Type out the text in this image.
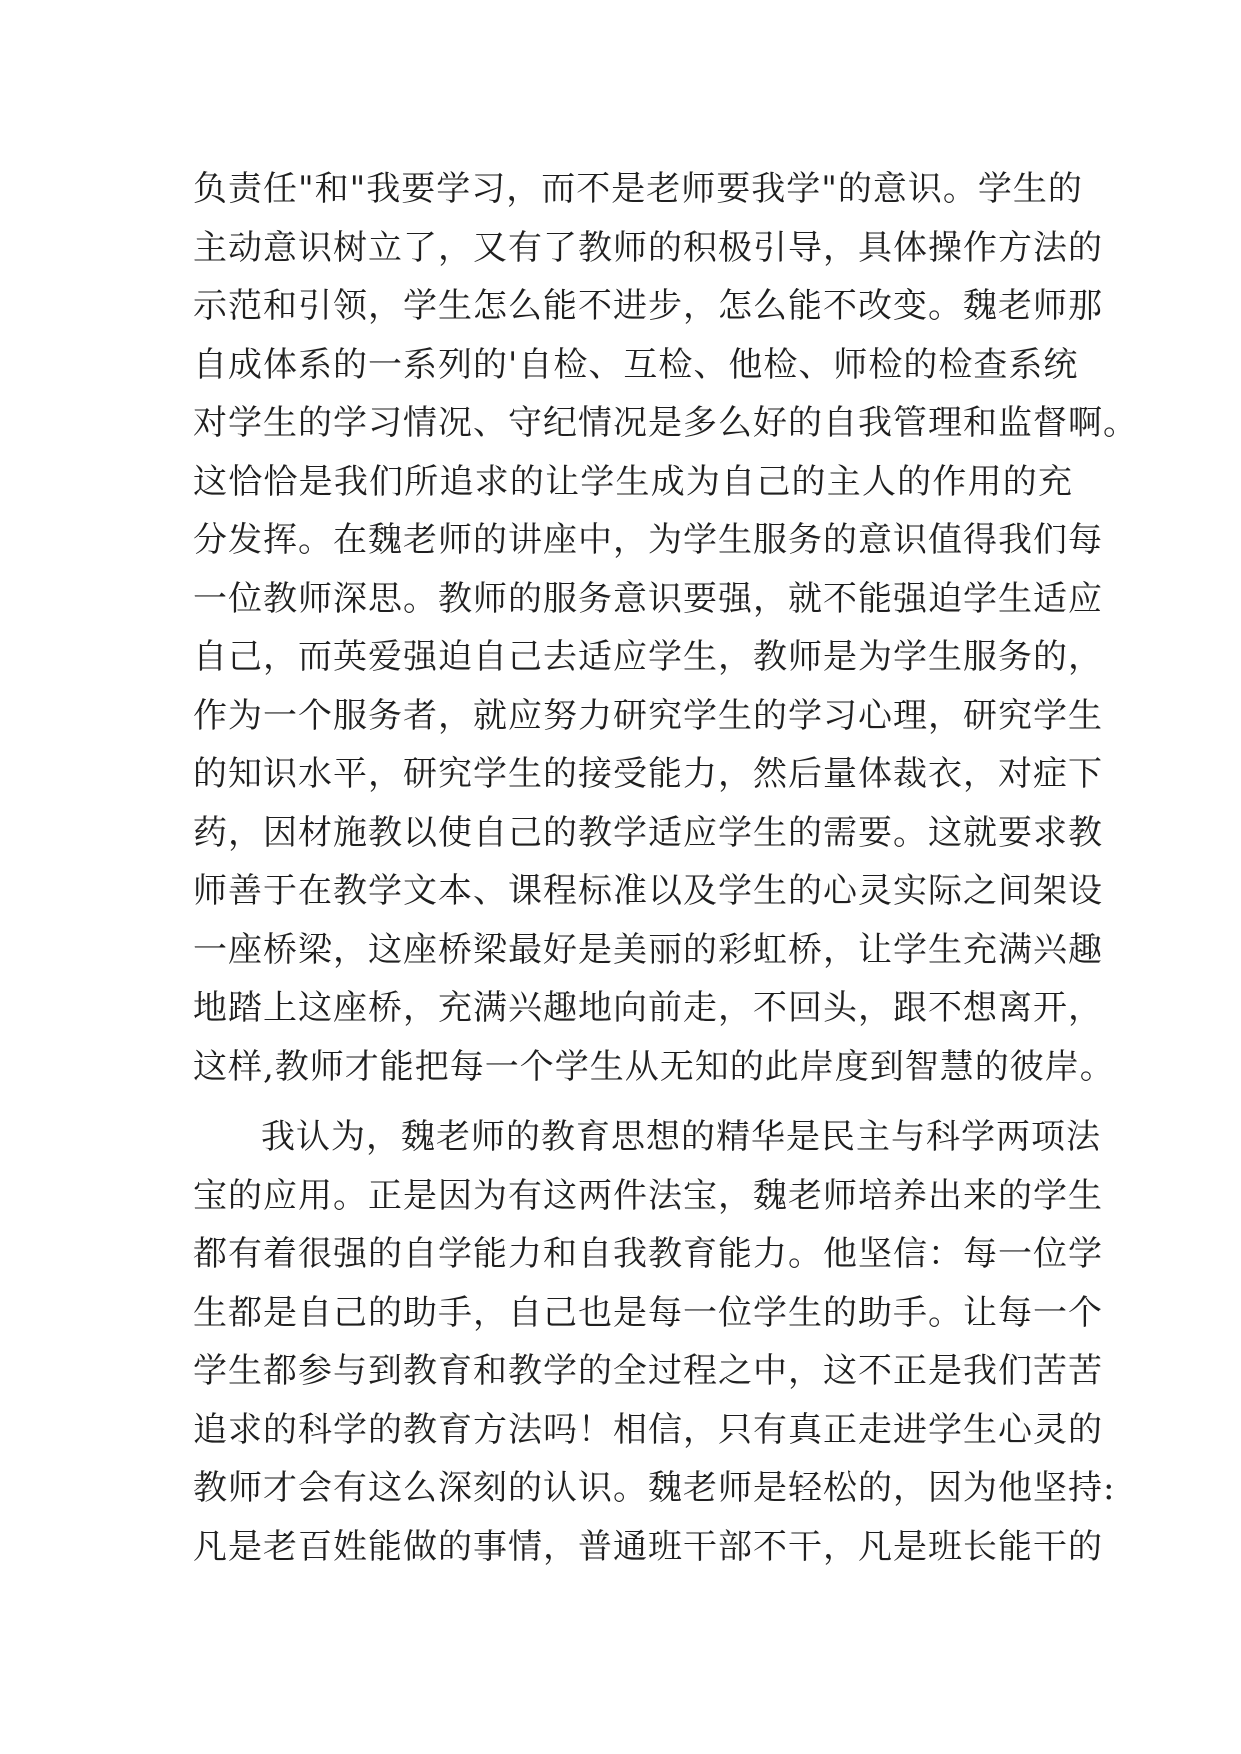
负责任"和"我要学习，而不是老师要我学"的意识。学生的
主动意识树立了，又有了教师的积极引导，具体操作方法的
示范和引领，学生怎么能不进步，怎么能不改变。魏老师那
自成体系的一系列的'自检、互检、他检、师检的检查系统
对学生的学习情况、守纪情况是多么好的自我管理和监督啊。
这恰恰是我们所追求的让学生成为自己的主人的作用的充
分发挥。在魏老师的讲座中，为学生服务的意识值得我们每
一位教师深思。教师的服务意识要强，就不能强迫学生适应
自己，而英爱强迫自己去适应学生，教师是为学生服务的，
作为一个服务者，就应努力研究学生的学习心理，研究学生
的知识水平，研究学生的接受能力，然后量体裁衣，对症下
药，因材施教以使自己的教学适应学生的需要。这就要求教
师善于在教学文本、课程标准以及学生的心灵实际之间架设
一座桥梁，这座桥梁最好是美丽的彩虹桥，让学生充满兴趣
地踏上这座桥，充满兴趣地向前走，不回头，跟不想离开，
这样,教师才能把每一个学生从无知的此岸度到智慧的彼岸。
我认为，魏老师的教育思想的精华是民主与科学两项法
宝的应用。正是因为有这两件法宝，魏老师培养出来的学生
都有着很强的自学能力和自我教育能力。他坚信：每一位学
生都是自己的助手，自己也是每一位学生的助手。让每一个
学生都参与到教育和教学的全过程之中，这不正是我们苦苦
追求的科学的教育方法吗！相信，只有真正走进学生心灵的
教师才会有这么深刻的认识。魏老师是轻松的，因为他坚持:
凡是老百姓能做的事情，普通班干部不干，凡是班长能干的
